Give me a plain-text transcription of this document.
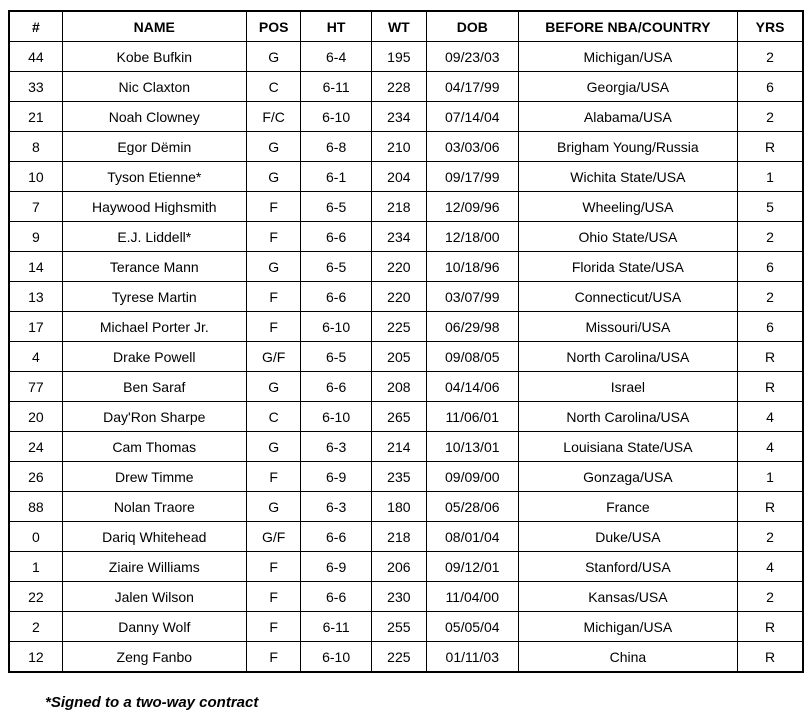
#	NAME	POS	HT	WT	DOB	BEFORE NBA/COUNTRY	YRS
44	Kobe Bufkin	G	6-4	195	09/23/03	Michigan/USA	2
33	Nic Claxton	C	6-11	228	04/17/99	Georgia/USA	6
21	Noah Clowney	F/C	6-10	234	07/14/04	Alabama/USA	2
8	Egor Dëmin	G	6-8	210	03/03/06	Brigham Young/Russia	R
10	Tyson Etienne*	G	6-1	204	09/17/99	Wichita State/USA	1
7	Haywood Highsmith	F	6-5	218	12/09/96	Wheeling/USA	5
9	E.J. Liddell*	F	6-6	234	12/18/00	Ohio State/USA	2
14	Terance Mann	G	6-5	220	10/18/96	Florida State/USA	6
13	Tyrese Martin	F	6-6	220	03/07/99	Connecticut/USA	2
17	Michael Porter Jr.	F	6-10	225	06/29/98	Missouri/USA	6
4	Drake Powell	G/F	6-5	205	09/08/05	North Carolina/USA	R
77	Ben Saraf	G	6-6	208	04/14/06	Israel	R
20	Day'Ron Sharpe	C	6-10	265	11/06/01	North Carolina/USA	4
24	Cam Thomas	G	6-3	214	10/13/01	Louisiana State/USA	4
26	Drew Timme	F	6-9	235	09/09/00	Gonzaga/USA	1
88	Nolan Traore	G	6-3	180	05/28/06	France	R
0	Dariq Whitehead	G/F	6-6	218	08/01/04	Duke/USA	2
1	Ziaire Williams	F	6-9	206	09/12/01	Stanford/USA	4
22	Jalen Wilson	F	6-6	230	11/04/00	Kansas/USA	2
2	Danny Wolf	F	6-11	255	05/05/04	Michigan/USA	R
12	Zeng Fanbo	F	6-10	225	01/11/03	China	R
*Signed to a two-way contract
